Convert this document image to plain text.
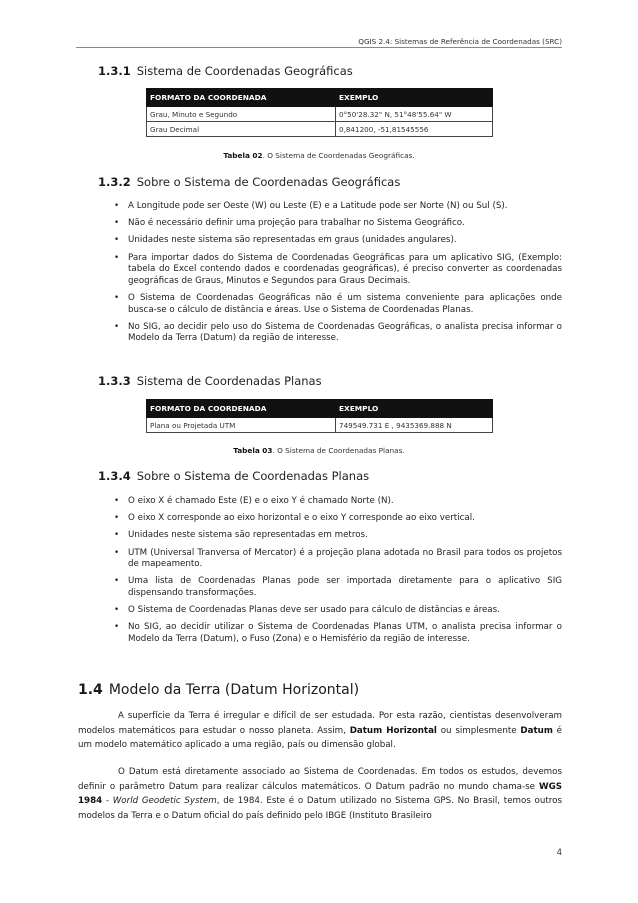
QGIS 2.4: Sistemas de Referência de Coordenadas (SRC)
1.3.1 Sistema de Coordenadas Geográficas
FORMATO DA COORDENADA	EXEMPLO
Grau, Minuto e Segundo	0°50'28.32" N, 51°48'55.64" W
Grau Decimal	0,841200, -51,81545556
Tabela 02. O Sistema de Coordenadas Geográficas.
1.3.2 Sobre o Sistema de Coordenadas Geográficas
• A Longitude pode ser Oeste (W) ou Leste (E) e a Latitude pode ser Norte (N) ou Sul (S).
• Não é necessário definir uma projeção para trabalhar no Sistema Geográfico.
• Unidades neste sistema são representadas em graus (unidades angulares).
• Para importar dados do Sistema de Coordenadas Geográficas para um aplicativo SIG, (Exemplo: tabela do Excel contendo dados e coordenadas geográficas), é preciso converter as coordenadas geográficas de Graus, Minutos e Segundos para Graus Decimais.
• O Sistema de Coordenadas Geográficas não é um sistema conveniente para aplicações onde busca-se o cálculo de distância e áreas. Use o Sistema de Coordenadas Planas.
• No SIG, ao decidir pelo uso do Sistema de Coordenadas Geográficas, o analista precisa informar o Modelo da Terra (Datum) da região de interesse.
1.3.3 Sistema de Coordenadas Planas
FORMATO DA COORDENADA	EXEMPLO
Plana ou Projetada UTM	749549.731 E , 9435369.888 N
Tabela 03. O Sistema de Coordenadas Planas.
1.3.4 Sobre o Sistema de Coordenadas Planas
• O eixo X é chamado Este (E) e o eixo Y é chamado Norte (N).
• O eixo X corresponde ao eixo horizontal e o eixo Y corresponde ao eixo vertical.
• Unidades neste sistema são representadas em metros.
• UTM (Universal Tranversa of Mercator) é a projeção plana adotada no Brasil para todos os projetos de mapeamento.
• Uma lista de Coordenadas Planas pode ser importada diretamente para o aplicativo SIG dispensando transformações.
• O Sistema de Coordenadas Planas deve ser usado para cálculo de distâncias e áreas.
• No SIG, ao decidir utilizar o Sistema de Coordenadas Planas UTM, o analista precisa informar o Modelo da Terra (Datum), o Fuso (Zona) e o Hemisfério da região de interesse.
1.4 Modelo da Terra (Datum Horizontal)

A superfície da Terra é irregular e difícil de ser estudada. Por esta razão, cientistas desenvolveram modelos matemáticos para estudar o nosso planeta. Assim, Datum Horizontal ou simplesmente Datum é um modelo matemático aplicado a uma região, país ou dimensão global.

O Datum está diretamente associado ao Sistema de Coordenadas. Em todos os estudos, devemos definir o parâmetro Datum para realizar cálculos matemáticos. O Datum padrão no mundo chama-se WGS 1984 - World Geodetic System, de 1984. Este é o Datum utilizado no Sistema GPS. No Brasil, temos outros modelos da Terra e o Datum oficial do país definido pelo IBGE (Instituto Brasileiro

4
